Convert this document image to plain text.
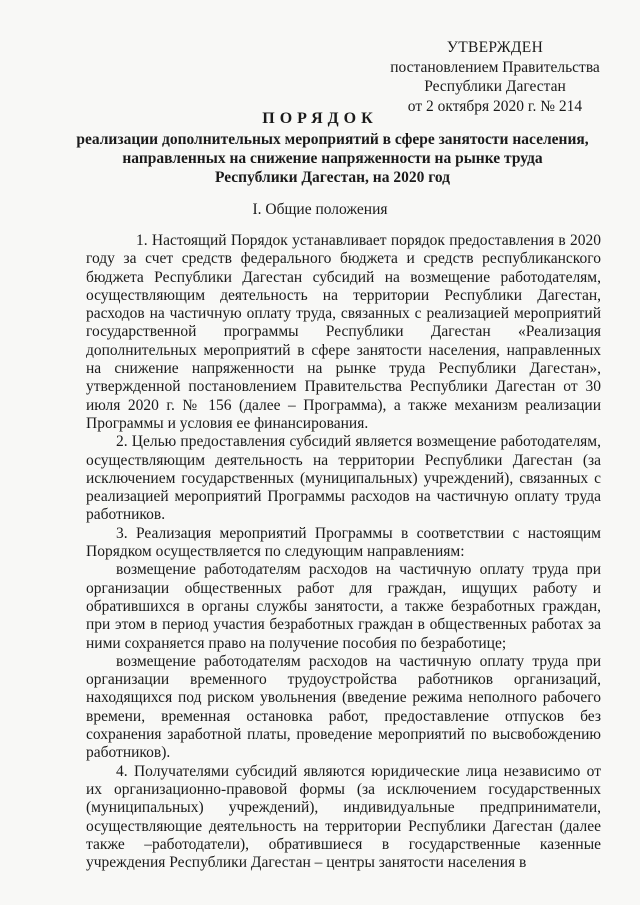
УТВЕРЖДЕН
постановлением Правительства
Республики Дагестан
от 2 октября 2020 г. № 214
ПОРЯДОК
реализации дополнительных мероприятий в сфере занятости населения,
направленных на снижение напряженности на рынке труда
Республики Дагестан, на 2020 год
I. Общие положения

1. Настоящий Порядок устанавливает порядок предоставления в 2020 году за счет средств федерального бюджета и средств республиканского бюджета Республики Дагестан субсидий на возмещение работодателям, осуществляющим деятельность на территории Республики Дагестан, расходов на частичную оплату труда, связанных с реализацией мероприятий государственной программы Республики Дагестан «Реализация дополнительных мероприятий в сфере занятости населения, направленных на снижение напряженности на рынке труда Республики Дагестан», утвержденной постановлением Правительства Республики Дагестан от 30 июля 2020 г. № 156 (далее – Программа), а также механизм реализации Программы и условия ее финансирования.

2. Целью предоставления субсидий является возмещение работодателям, осуществляющим деятельность на территории Республики Дагестан (за исключением государственных (муниципальных) учреждений), связанных с реализацией мероприятий Программы расходов на частичную оплату труда работников.

3. Реализация мероприятий Программы в соответствии с настоящим Порядком осуществляется по следующим направлениям:

возмещение работодателям расходов на частичную оплату труда при организации общественных работ для граждан, ищущих работу и обратившихся в органы службы занятости, а также безработных граждан, при этом в период участия безработных граждан в общественных работах за ними сохраняется право на получение пособия по безработице;

возмещение работодателям расходов на частичную оплату труда при организации временного трудоустройства работников организаций, находящихся под риском увольнения (введение режима неполного рабочего времени, временная остановка работ, предоставление отпусков без сохранения заработной платы, проведение мероприятий по высвобождению работников).

4. Получателями субсидий являются юридические лица независимо от их организационно-правовой формы (за исключением государственных (муниципальных) учреждений), индивидуальные предприниматели, осуществляющие деятельность на территории Республики Дагестан (далее также –работодатели), обратившиеся в государственные казенные учреждения Республики Дагестан – центры занятости населения в
